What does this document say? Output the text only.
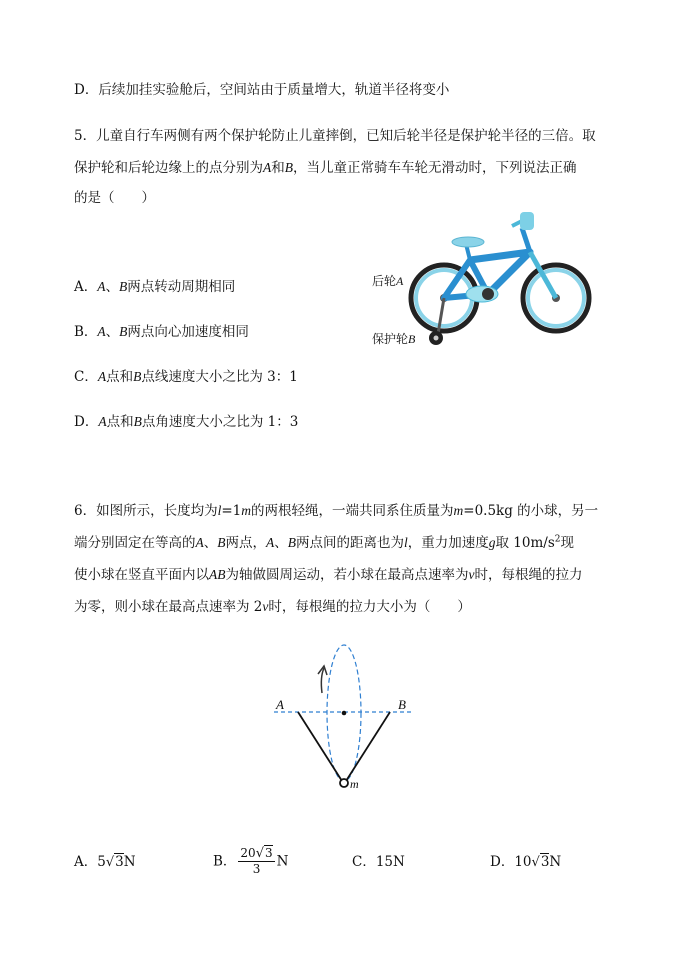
D．后续加挂实验舱后，空间站由于质量增大，轨道半径将变小
5．儿童自行车两侧有两个保护轮防止儿童摔倒，已知后轮半径是保护轮半径的三倍。取
保护轮和后轮边缘上的点分别为A和B，当儿童正常骑车车轮无滑动时，下列说法正确
的是（　　）
A．A、B两点转动周期相同
B．A、B两点向心加速度相同
C．A点和B点线速度大小之比为 3：1
D．A点和B点角速度大小之比为 1：3
后轮A
保护轮B
6．如图所示，长度均为l=1m的两根轻绳，一端共同系住质量为m=0.5kg 的小球，另一
端分别固定在等高的A、B两点，A、B两点间的距离也为l，重力加速度g取 $10m/s^2$现
使小球在竖直平面内以AB为轴做圆周运动，若小球在最高点速率为v时，每根绳的拉力
为零，则小球在最高点速率为 2v时，每根绳的拉力大小为（　　）
A	B
m
A．5√3N	B． $\frac{20√3}{3}$ N	C．15N	D．10√3N
